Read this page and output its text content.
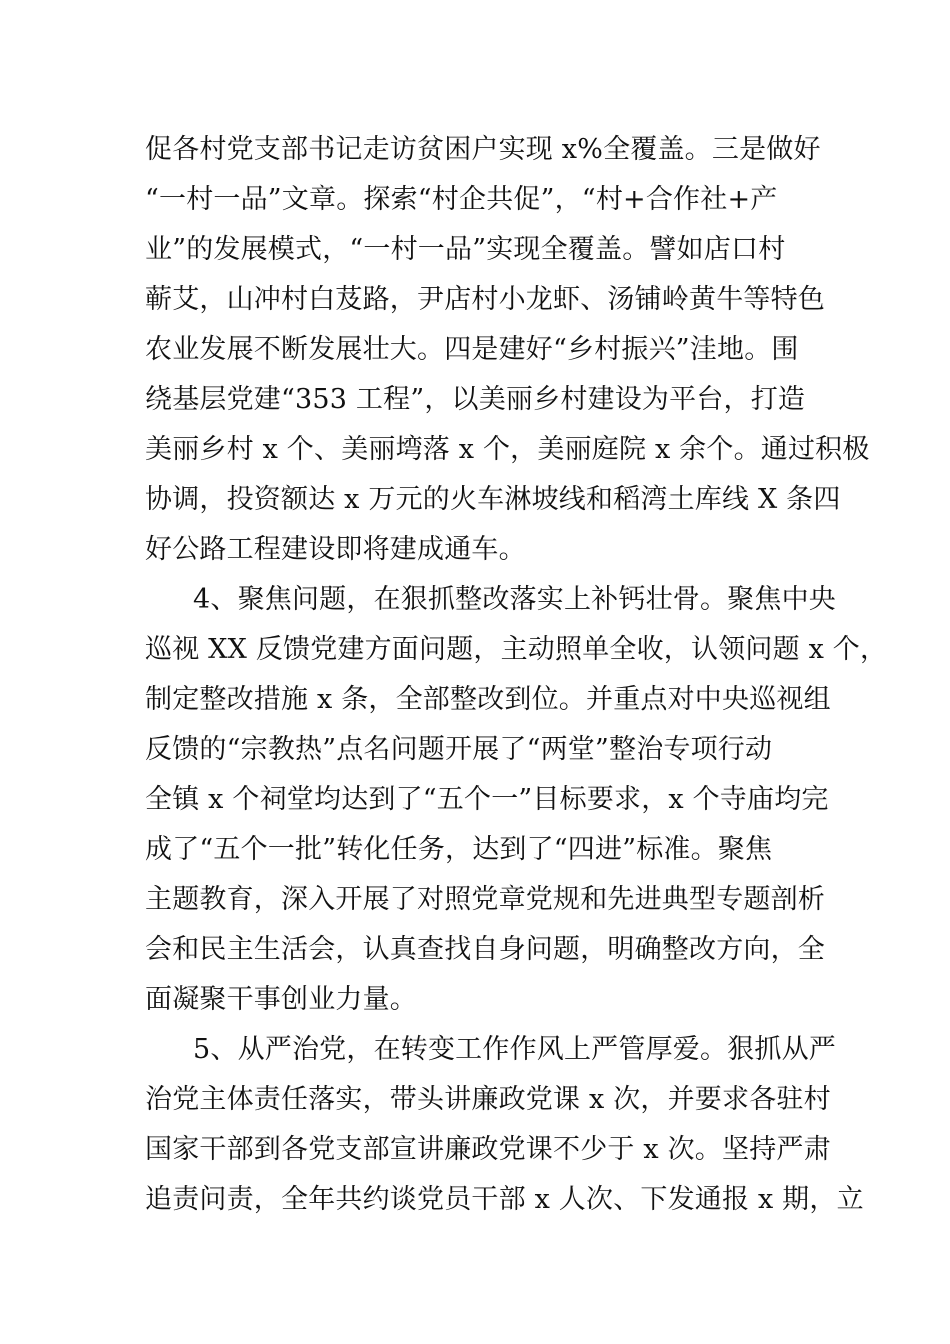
促各村党支部书记走访贫困户实现 x%全覆盖。三是做好
“一村一品”文章。探索“村企共促”，“村+合作社+产
业”的发展模式，“一村一品”实现全覆盖。譬如店口村
蕲艾，山冲村白芨路，尹店村小龙虾、汤铺岭黄牛等特色
农业发展不断发展壮大。四是建好“乡村振兴”洼地。围
绕基层党建“353 工程”，以美丽乡村建设为平台，打造
美丽乡村 x 个、美丽塆落 x 个，美丽庭院 x 余个。通过积极
协调，投资额达 x 万元的火车淋坡线和稻湾土库线 X 条四
好公路工程建设即将建成通车。
4、聚焦问题，在狠抓整改落实上补钙壮骨。聚焦中央
巡视 XX 反馈党建方面问题，主动照单全收，认领问题 x 个，
制定整改措施 x 条，全部整改到位。并重点对中央巡视组
反馈的“宗教热”点名问题开展了“两堂”整治专项行动
全镇 x 个祠堂均达到了“五个一”目标要求，x 个寺庙均完
成了“五个一批”转化任务，达到了“四进”标准。聚焦
主题教育，深入开展了对照党章党规和先进典型专题剖析
会和民主生活会，认真查找自身问题，明确整改方向，全
面凝聚干事创业力量。
5、从严治党，在转变工作作风上严管厚爱。狠抓从严
治党主体责任落实，带头讲廉政党课 x 次，并要求各驻村
国家干部到各党支部宣讲廉政党课不少于 x 次。坚持严肃
追责问责，全年共约谈党员干部 x 人次、下发通报 x 期，立
